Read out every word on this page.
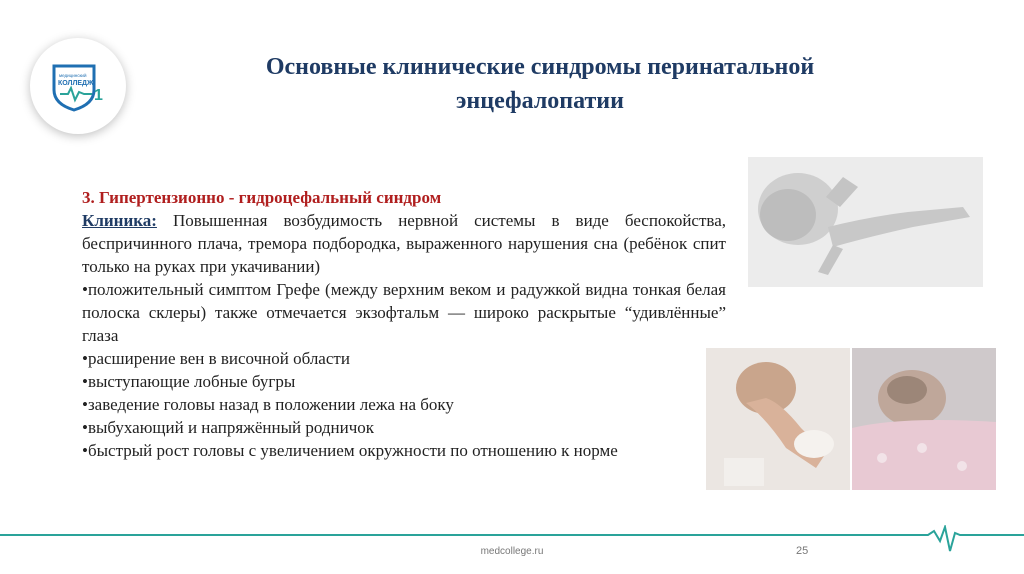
медицинский
КОЛЛЕДЖ
1
Основные клинические синдромы перинатальной
энцефалопатии

3. Гипертензионно - гидроцефальный синдром

Клиника: Повышенная возбудимость нервной системы в виде беспокойства, беспричинного плача, тремора подбородка, выраженного нарушения сна (ребёнок спит только на руках при укачивании)

•положительный симптом Грефе (между верхним веком и радужкой видна тонкая белая полоска склеры) также отмечается экзофтальм — широко раскрытые “удивлённые” глаза

•расширение вен в височной области

•выступающие лобные бугры

•заведение головы назад в положении лежа на боку

•выбухающий и напряжённый родничок

•быстрый рост головы с увеличением окружности по отношению к норме

medcollege.ru	25
